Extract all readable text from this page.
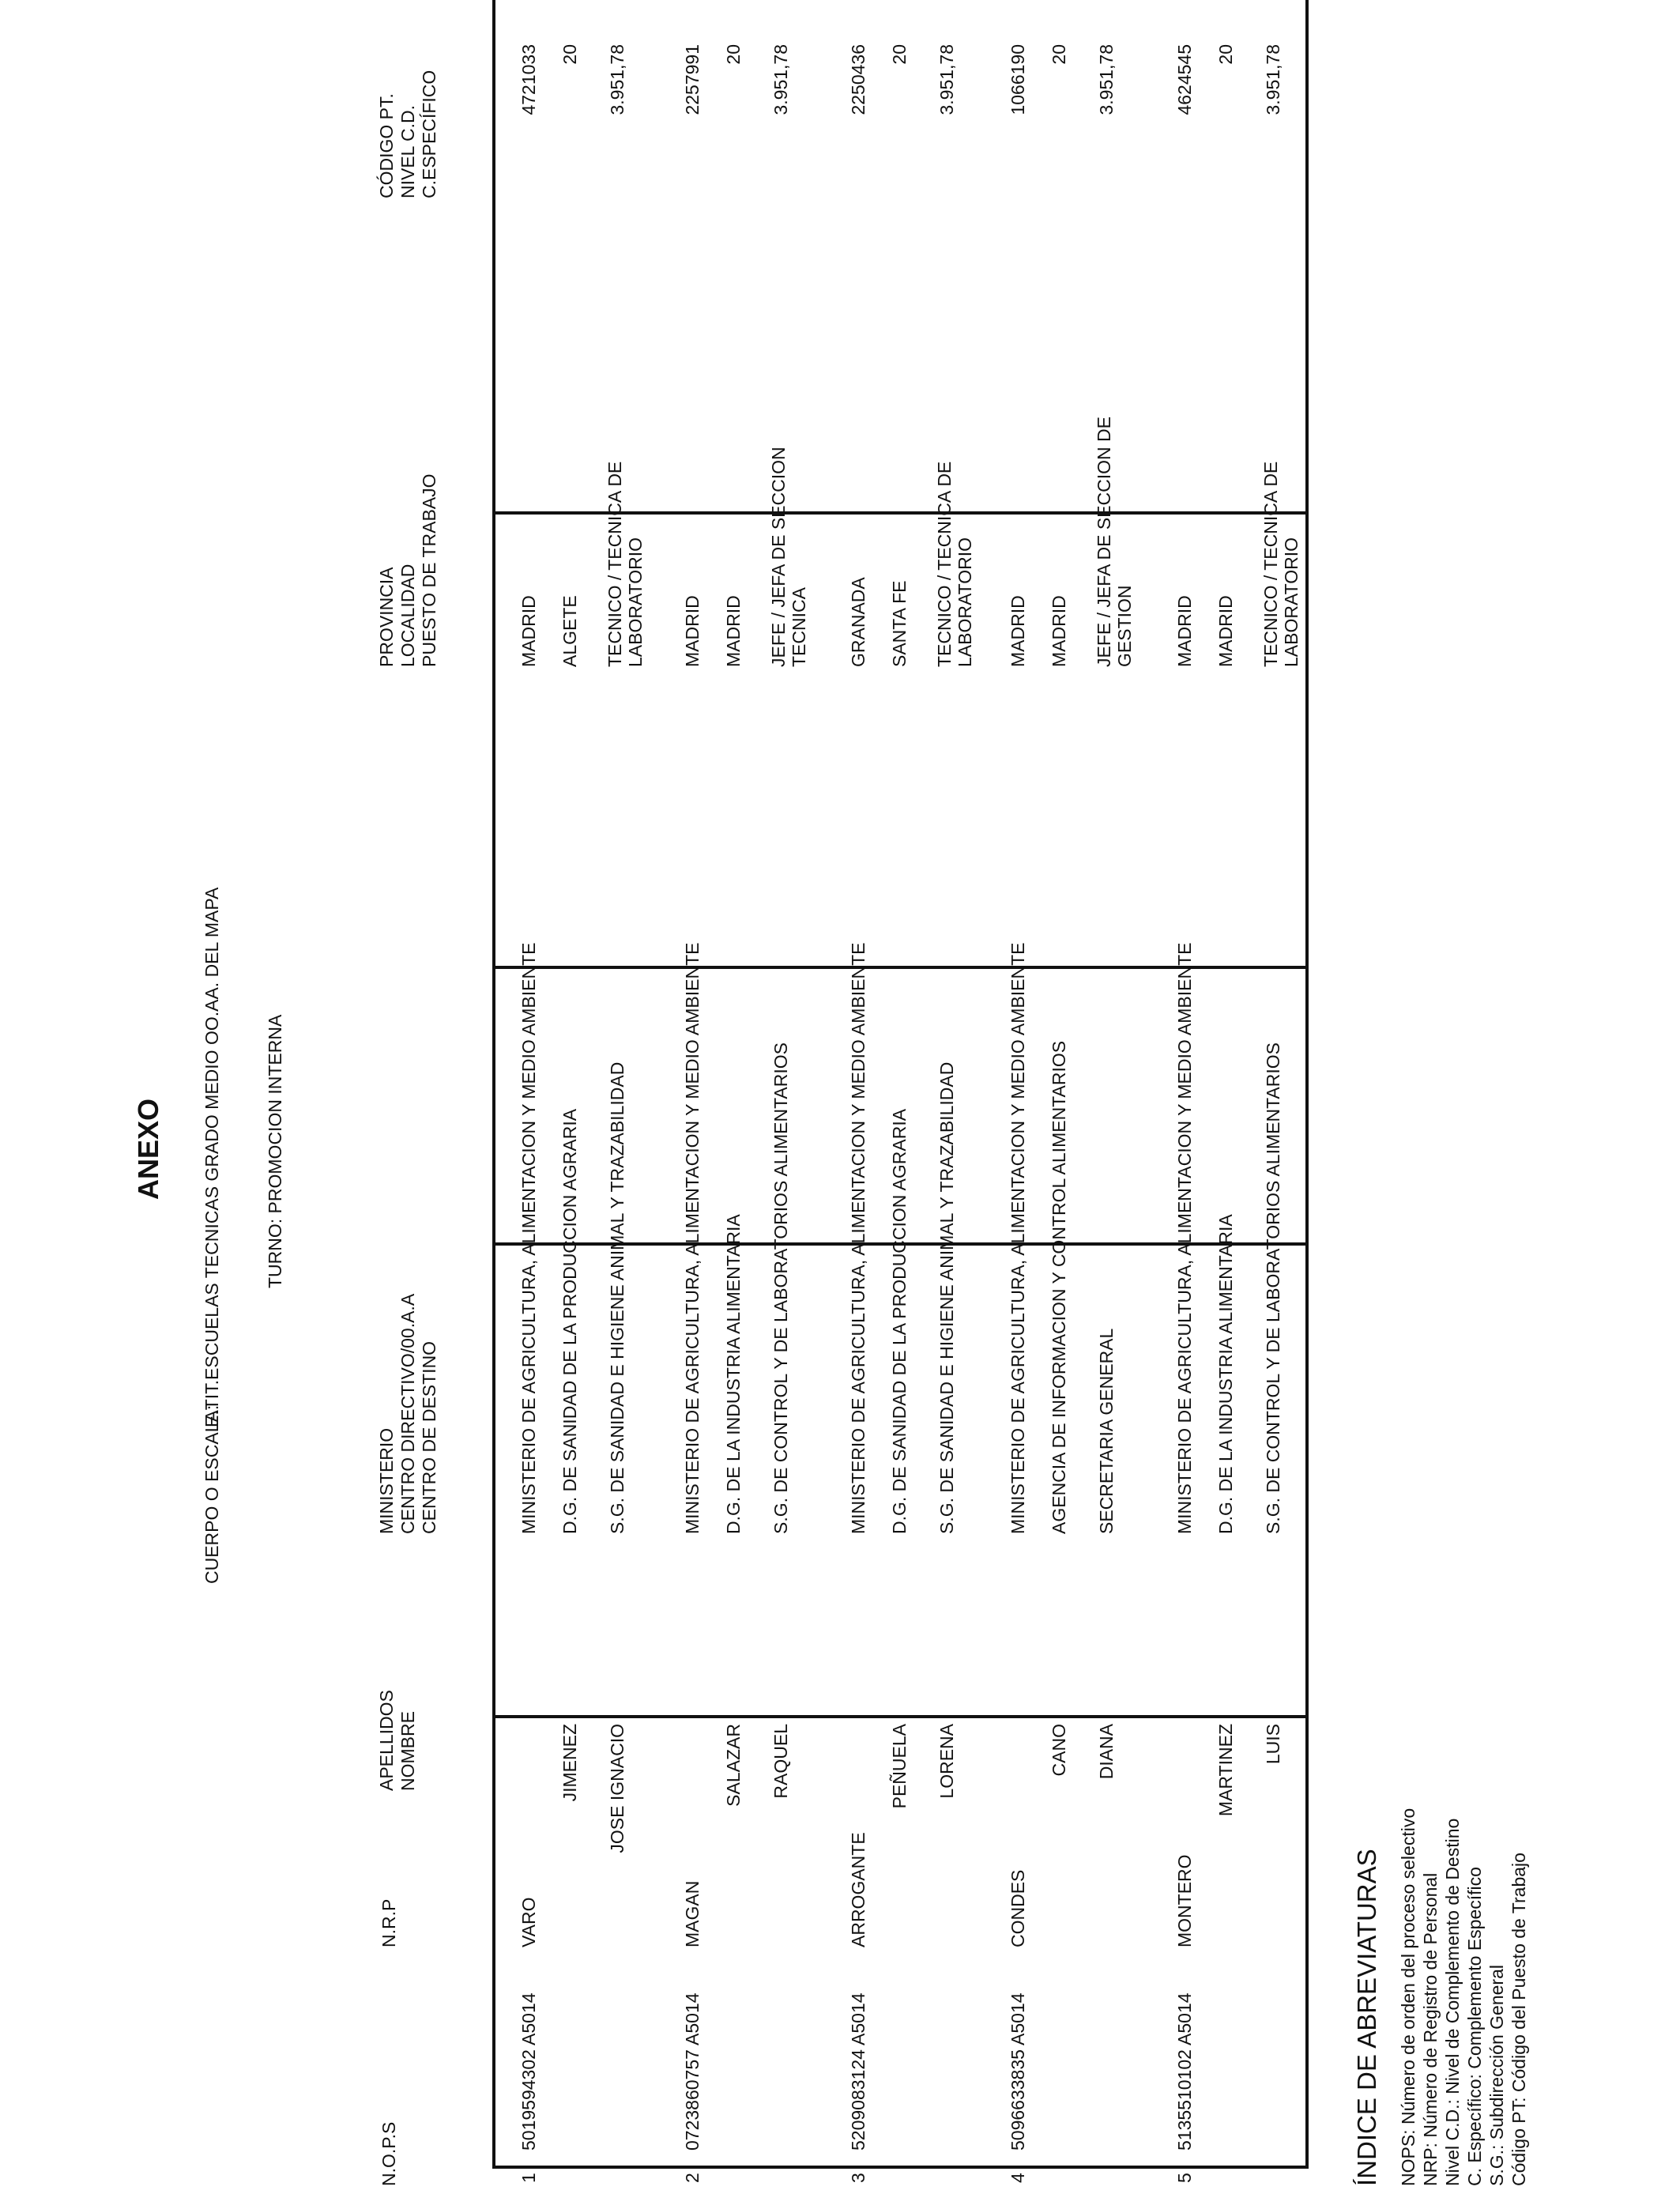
ANEXO
CUERPO O ESCALA:
E.TIT.ESCUELAS TECNICAS GRADO MEDIO OO.AA. DEL MAPA TURNO: PROMOCION INTERNA
N.O.P.S
N.R.P
APELLIDOS NOMBRE
MINISTERIO CENTRO DIRECTIVO/00.A.A CENTRO DE DESTINO
PROVINCIA LOCALIDAD PUESTO DE TRABAJO
CÓDIGO PT. NIVEL C.D. C.ESPECÍFICO
1
5019594302 A5014
VARO
JIMENEZ JOSE IGNACIO
MINISTERIO DE AGRICULTURA, ALIMENTACION Y MEDIO AMBIENTE D.G. DE SANIDAD DE LA PRODUCCION AGRARIA S.G. DE SANIDAD E HIGIENE ANIMAL Y TRAZABILIDAD
MADRID ALGETE TECNICO / TECNICA DE LABORATORIO
4721033 20 3.951,78
2
0723860757 A5014
MAGAN
SALAZAR RAQUEL
MINISTERIO DE AGRICULTURA, ALIMENTACION Y MEDIO AMBIENTE D.G. DE LA INDUSTRIA ALIMENTARIA S.G. DE CONTROL Y DE LABORATORIOS ALIMENTARIOS
MADRID MADRID JEFE / JEFA DE SECCION TECNICA
2257991 20 3.951,78
3
5209083124 A5014
ARROGANTE
PEÑUELA LORENA
MINISTERIO DE AGRICULTURA, ALIMENTACION Y MEDIO AMBIENTE D.G. DE SANIDAD DE LA PRODUCCION AGRARIA S.G. DE SANIDAD E HIGIENE ANIMAL Y TRAZABILIDAD
GRANADA SANTA FE TECNICO / TECNICA DE LABORATORIO
2250436 20 3.951,78
4
5096633835 A5014
CONDES
CANO DIANA
MINISTERIO DE AGRICULTURA, ALIMENTACION Y MEDIO AMBIENTE AGENCIA DE INFORMACION Y CONTROL ALIMENTARIOS SECRETARIA GENERAL
MADRID MADRID JEFE / JEFA DE SECCION DE GESTION
1066190 20 3.951,78
5
5135510102 A5014
MONTERO
MARTINEZ LUIS
MINISTERIO DE AGRICULTURA, ALIMENTACION Y MEDIO AMBIENTE D.G. DE LA INDUSTRIA ALIMENTARIA S.G. DE CONTROL Y DE LABORATORIOS ALIMENTARIOS
MADRID MADRID TECNICO / TECNICA DE LABORATORIO
4624545 20 3.951,78
ÍNDICE DE ABREVIATURAS NOPS: Número de orden del proceso selectivo NRP: Número de Registro de Personal Nivel C.D.: Nivel de Complemento de Destino C. Específico: Complemento Específico S.G.: Subdirección General Código PT: Código del Puesto de Trabajo
